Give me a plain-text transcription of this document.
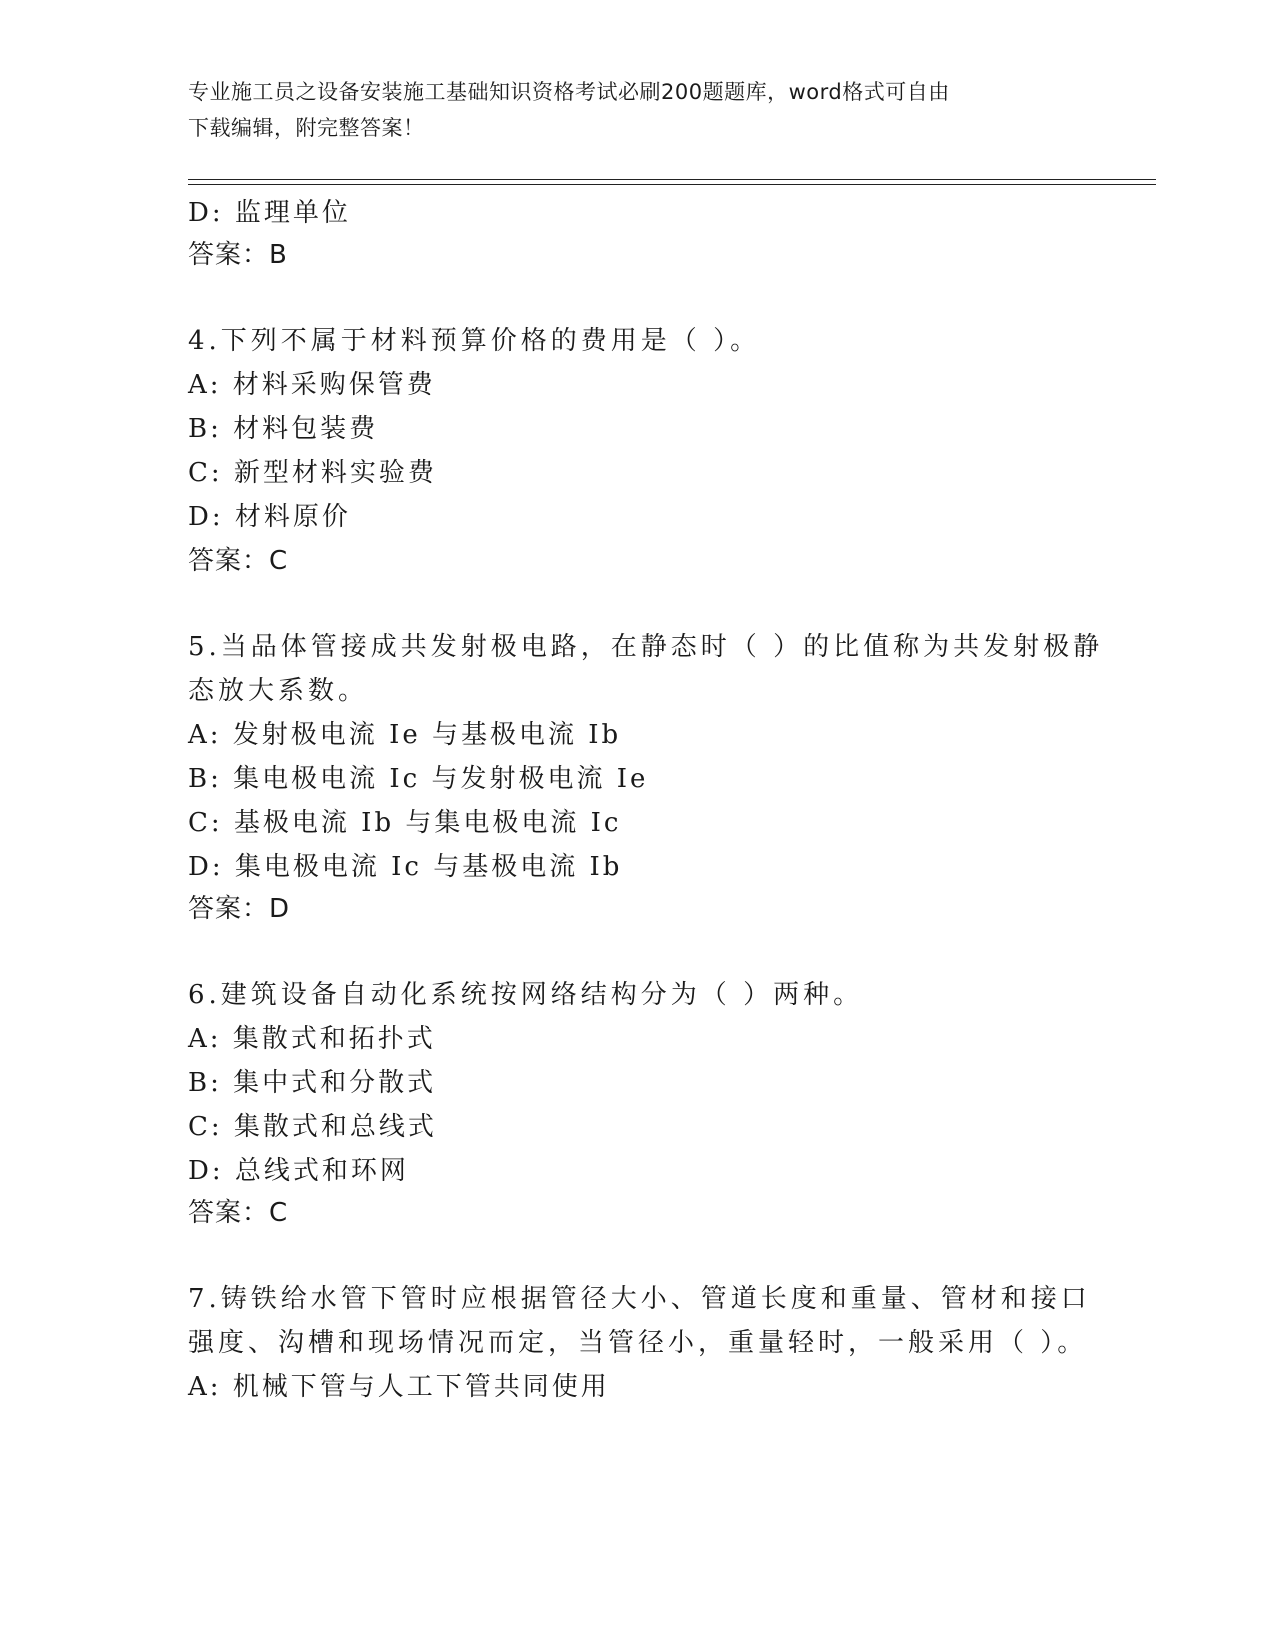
专业施工员之设备安装施工基础知识资格考试必刷200题题库，word格式可自由
下载编辑，附完整答案！
D: 监理单位
答案：B
4.下列不属于材料预算价格的费用是（ ）。
A: 材料采购保管费
B: 材料包装费
C: 新型材料实验费
D: 材料原价
答案：C
5.当品体管接成共发射极电路，在静态时（ ）的比值称为共发射极静
态放大系数。
A: 发射极电流 Ie 与基极电流 Ib
B: 集电极电流 Ic 与发射极电流 Ie
C: 基极电流 Ib 与集电极电流 Ic
D: 集电极电流 Ic 与基极电流 Ib
答案：D
6.建筑设备自动化系统按网络结构分为（ ）两种。
A: 集散式和拓扑式
B: 集中式和分散式
C: 集散式和总线式
D: 总线式和环网
答案：C
7.铸铁给水管下管时应根据管径大小、管道长度和重量、管材和接口
强度、沟槽和现场情况而定，当管径小，重量轻时，一般采用（ ）。
A: 机械下管与人工下管共同使用
